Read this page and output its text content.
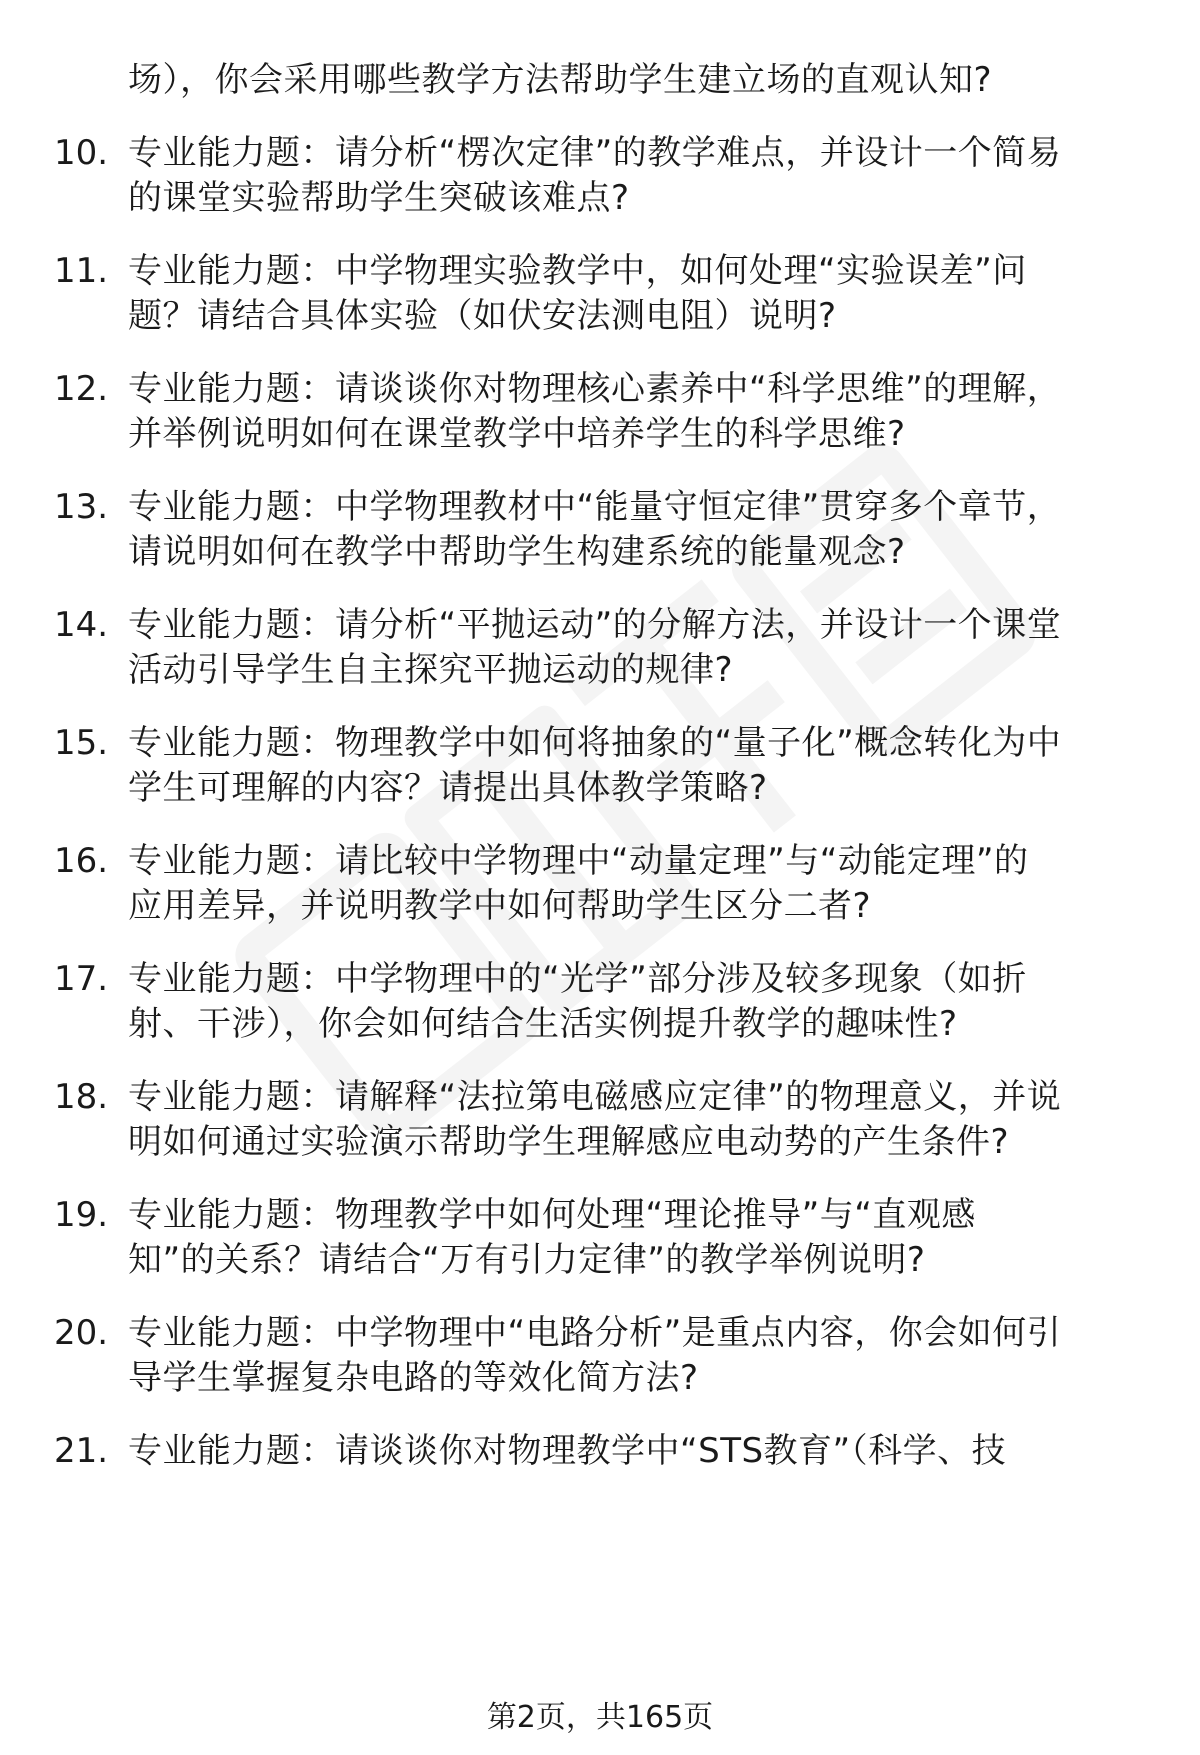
场），你会采用哪些教学方法帮助学生建立场的直观认知?
10. 专业能力题：请分析“楞次定律”的教学难点，并设计一个简易
的课堂实验帮助学生突破该难点?
11. 专业能力题：中学物理实验教学中，如何处理“实验误差”问
题？请结合具体实验（如伏安法测电阻）说明?
12. 专业能力题：请谈谈你对物理核心素养中“科学思维”的理解，
并举例说明如何在课堂教学中培养学生的科学思维?
13. 专业能力题：中学物理教材中“能量守恒定律”贯穿多个章节，
请说明如何在教学中帮助学生构建系统的能量观念?
14. 专业能力题：请分析“平抛运动”的分解方法，并设计一个课堂
活动引导学生自主探究平抛运动的规律?
15. 专业能力题：物理教学中如何将抽象的“量子化”概念转化为中
学生可理解的内容？请提出具体教学策略?
16. 专业能力题：请比较中学物理中“动量定理”与“动能定理”的
应用差异，并说明教学中如何帮助学生区分二者?
17. 专业能力题：中学物理中的“光学”部分涉及较多现象（如折
射、干涉），你会如何结合生活实例提升教学的趣味性?
18. 专业能力题：请解释“法拉第电磁感应定律”的物理意义，并说
明如何通过实验演示帮助学生理解感应电动势的产生条件?
19. 专业能力题：物理教学中如何处理“理论推导”与“直观感
知”的关系？请结合“万有引力定律”的教学举例说明?
20. 专业能力题：中学物理中“电路分析”是重点内容，你会如何引
导学生掌握复杂电路的等效化简方法?
21. 专业能力题：请谈谈你对物理教学中“STS教育”（科学、技
第2页，共165页
